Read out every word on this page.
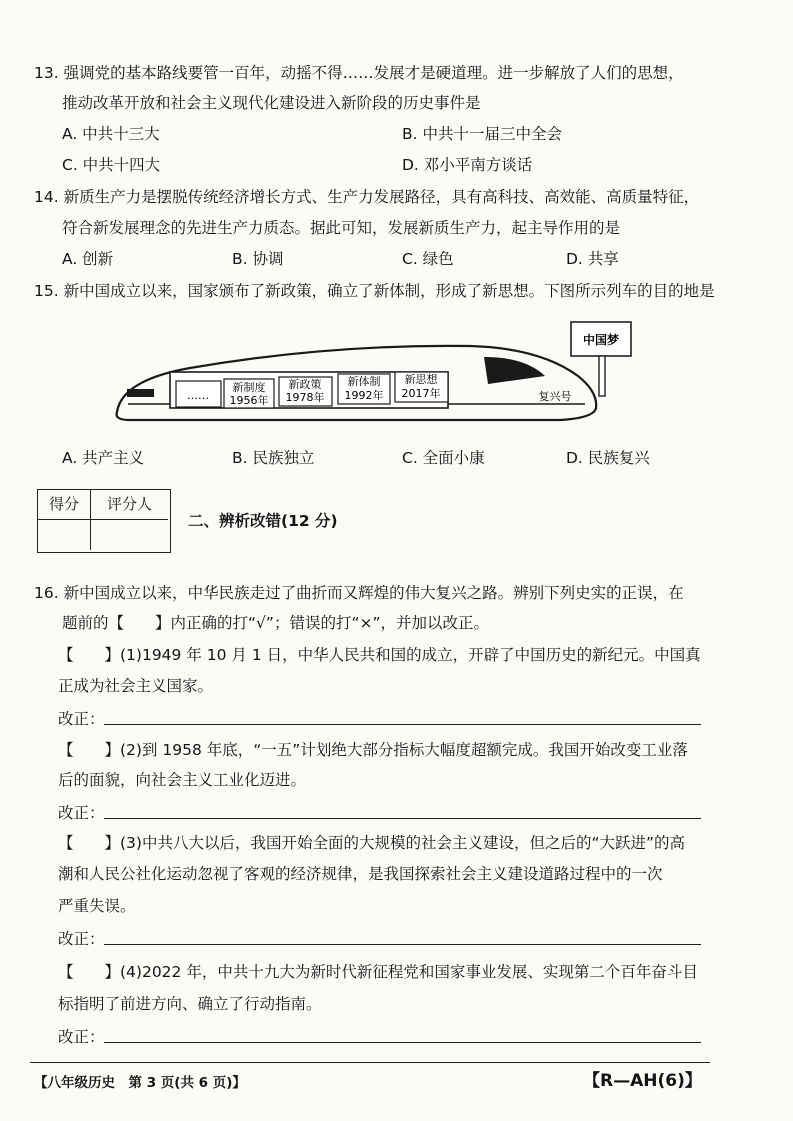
13. 强调党的基本路线要管一百年，动摇不得……发展才是硬道理。进一步解放了人们的思想，
推动改革开放和社会主义现代化建设进入新阶段的历史事件是
A. 中共十三大	B. 中共十一届三中全会
C. 中共十四大	D. 邓小平南方谈话
14. 新质生产力是摆脱传统经济增长方式、生产力发展路径，具有高科技、高效能、高质量特征，
符合新发展理念的先进生产力质态。据此可知，发展新质生产力，起主导作用的是
A. 创新	B. 协调	C. 绿色	D. 共享
15. 新中国成立以来，国家颁布了新政策，确立了新体制，形成了新思想。下图所示列车的目的地是
中国梦
……
新制度
1956年
新政策
1978年
新体制
1992年
新思想
2017年	复兴号
A. 共产主义	B. 民族独立	C. 全面小康	D. 民族复兴
得分	评分人
二、辨析改错(12 分)
16. 新中国成立以来，中华民族走过了曲折而又辉煌的伟大复兴之路。辨别下列史实的正误，在
题前的【　　】内正确的打“√”；错误的打“×”，并加以改正。
【　　】(1)1949 年 10 月 1 日，中华人民共和国的成立，开辟了中国历史的新纪元。中国真
正成为社会主义国家。
改正：
【　　】(2)到 1958 年底，“一五”计划绝大部分指标大幅度超额完成。我国开始改变工业落
后的面貌，向社会主义工业化迈进。
改正：
【　　】(3)中共八大以后，我国开始全面的大规模的社会主义建设，但之后的“大跃进”的高
潮和人民公社化运动忽视了客观的经济规律，是我国探索社会主义建设道路过程中的一次
严重失误。
改正：
【　　】(4)2022 年，中共十九大为新时代新征程党和国家事业发展、实现第二个百年奋斗目
标指明了前进方向、确立了行动指南。
改正：
【八年级历史　第 3 页(共 6 页)】	【R—AH(6)】
